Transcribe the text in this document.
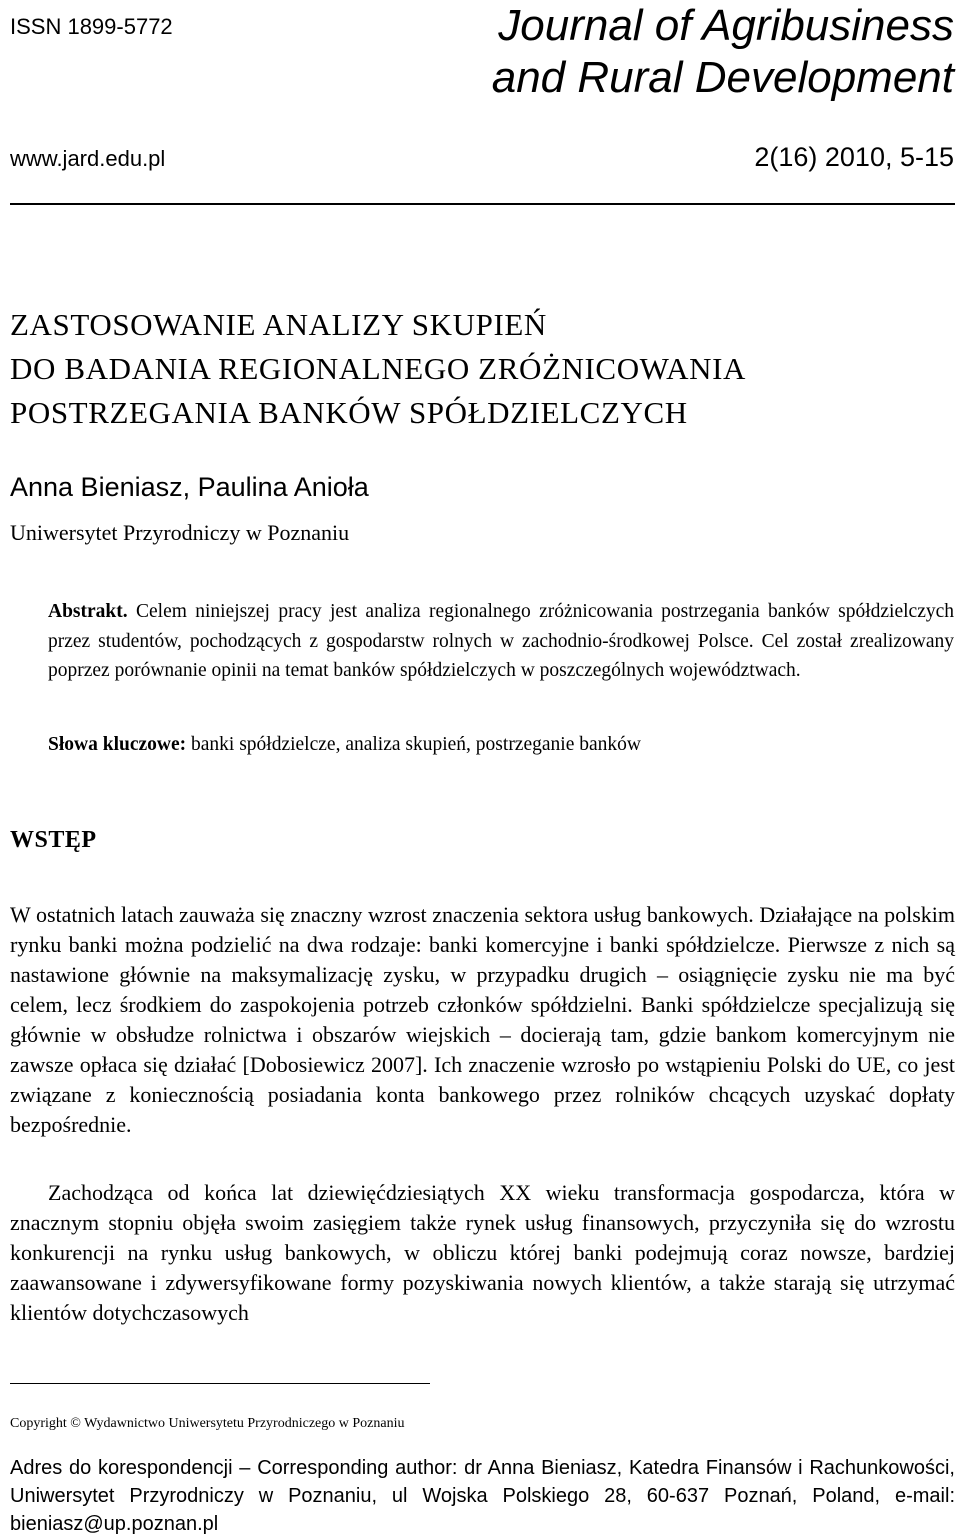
ISSN 1899-5772	Journal of Agribusiness
and Rural Development
www.jard.edu.pl	2(16) 2010, 5-15
ZASTOSOWANIE ANALIZY SKUPIEŃ
DO BADANIA REGIONALNEGO ZRÓŻNICOWANIA
POSTRZEGANIA BANKÓW SPÓŁDZIELCZYCH
Anna Bieniasz, Paulina Anioła
Uniwersytet Przyrodniczy w Poznaniu
Abstrakt. Celem niniejszej pracy jest analiza regionalnego zróżnicowania postrzegania banków spółdzielczych przez studentów, pochodzących z gospodarstw rolnych w zachodnio-środkowej Polsce. Cel został zrealizowany poprzez porównanie opinii na temat banków spółdzielczych w poszczególnych województwach.
Słowa kluczowe: banki spółdzielcze, analiza skupień, postrzeganie banków
WSTĘP
W ostatnich latach zauważa się znaczny wzrost znaczenia sektora usług bankowych. Działające na polskim rynku banki można podzielić na dwa rodzaje: banki komercyjne i banki spółdzielcze. Pierwsze z nich są nastawione głównie na maksymalizację zysku, w przypadku drugich – osiągnięcie zysku nie ma być celem, lecz środkiem do zaspokojenia potrzeb członków spółdzielni. Banki spółdzielcze specjalizują się głównie w obsłudze rolnictwa i obszarów wiejskich – docierają tam, gdzie bankom komercyjnym nie zawsze opłaca się działać [Dobosiewicz 2007]. Ich znaczenie wzrosło po wstąpieniu Polski do UE, co jest związane z koniecznością posiadania konta bankowego przez rolników chcących uzyskać dopłaty bezpośrednie.
Zachodząca od końca lat dziewięćdziesiątych XX wieku transformacja gospodarcza, która w znacznym stopniu objęła swoim zasięgiem także rynek usług finansowych, przyczyniła się do wzrostu konkurencji na rynku usług bankowych, w obliczu której banki podejmują coraz nowsze, bardziej zaawansowane i zdywersyfikowane formy pozyskiwania nowych klientów, a także starają się utrzymać klientów dotychczasowych
Copyright © Wydawnictwo Uniwersytetu Przyrodniczego w Poznaniu
Adres do korespondencji – Corresponding author: dr Anna Bieniasz, Katedra Finansów i Rachunkowości, Uniwersytet Przyrodniczy w Poznaniu, ul Wojska Polskiego 28, 60-637 Poznań, Poland, e-mail: bieniasz@up.poznan.pl
